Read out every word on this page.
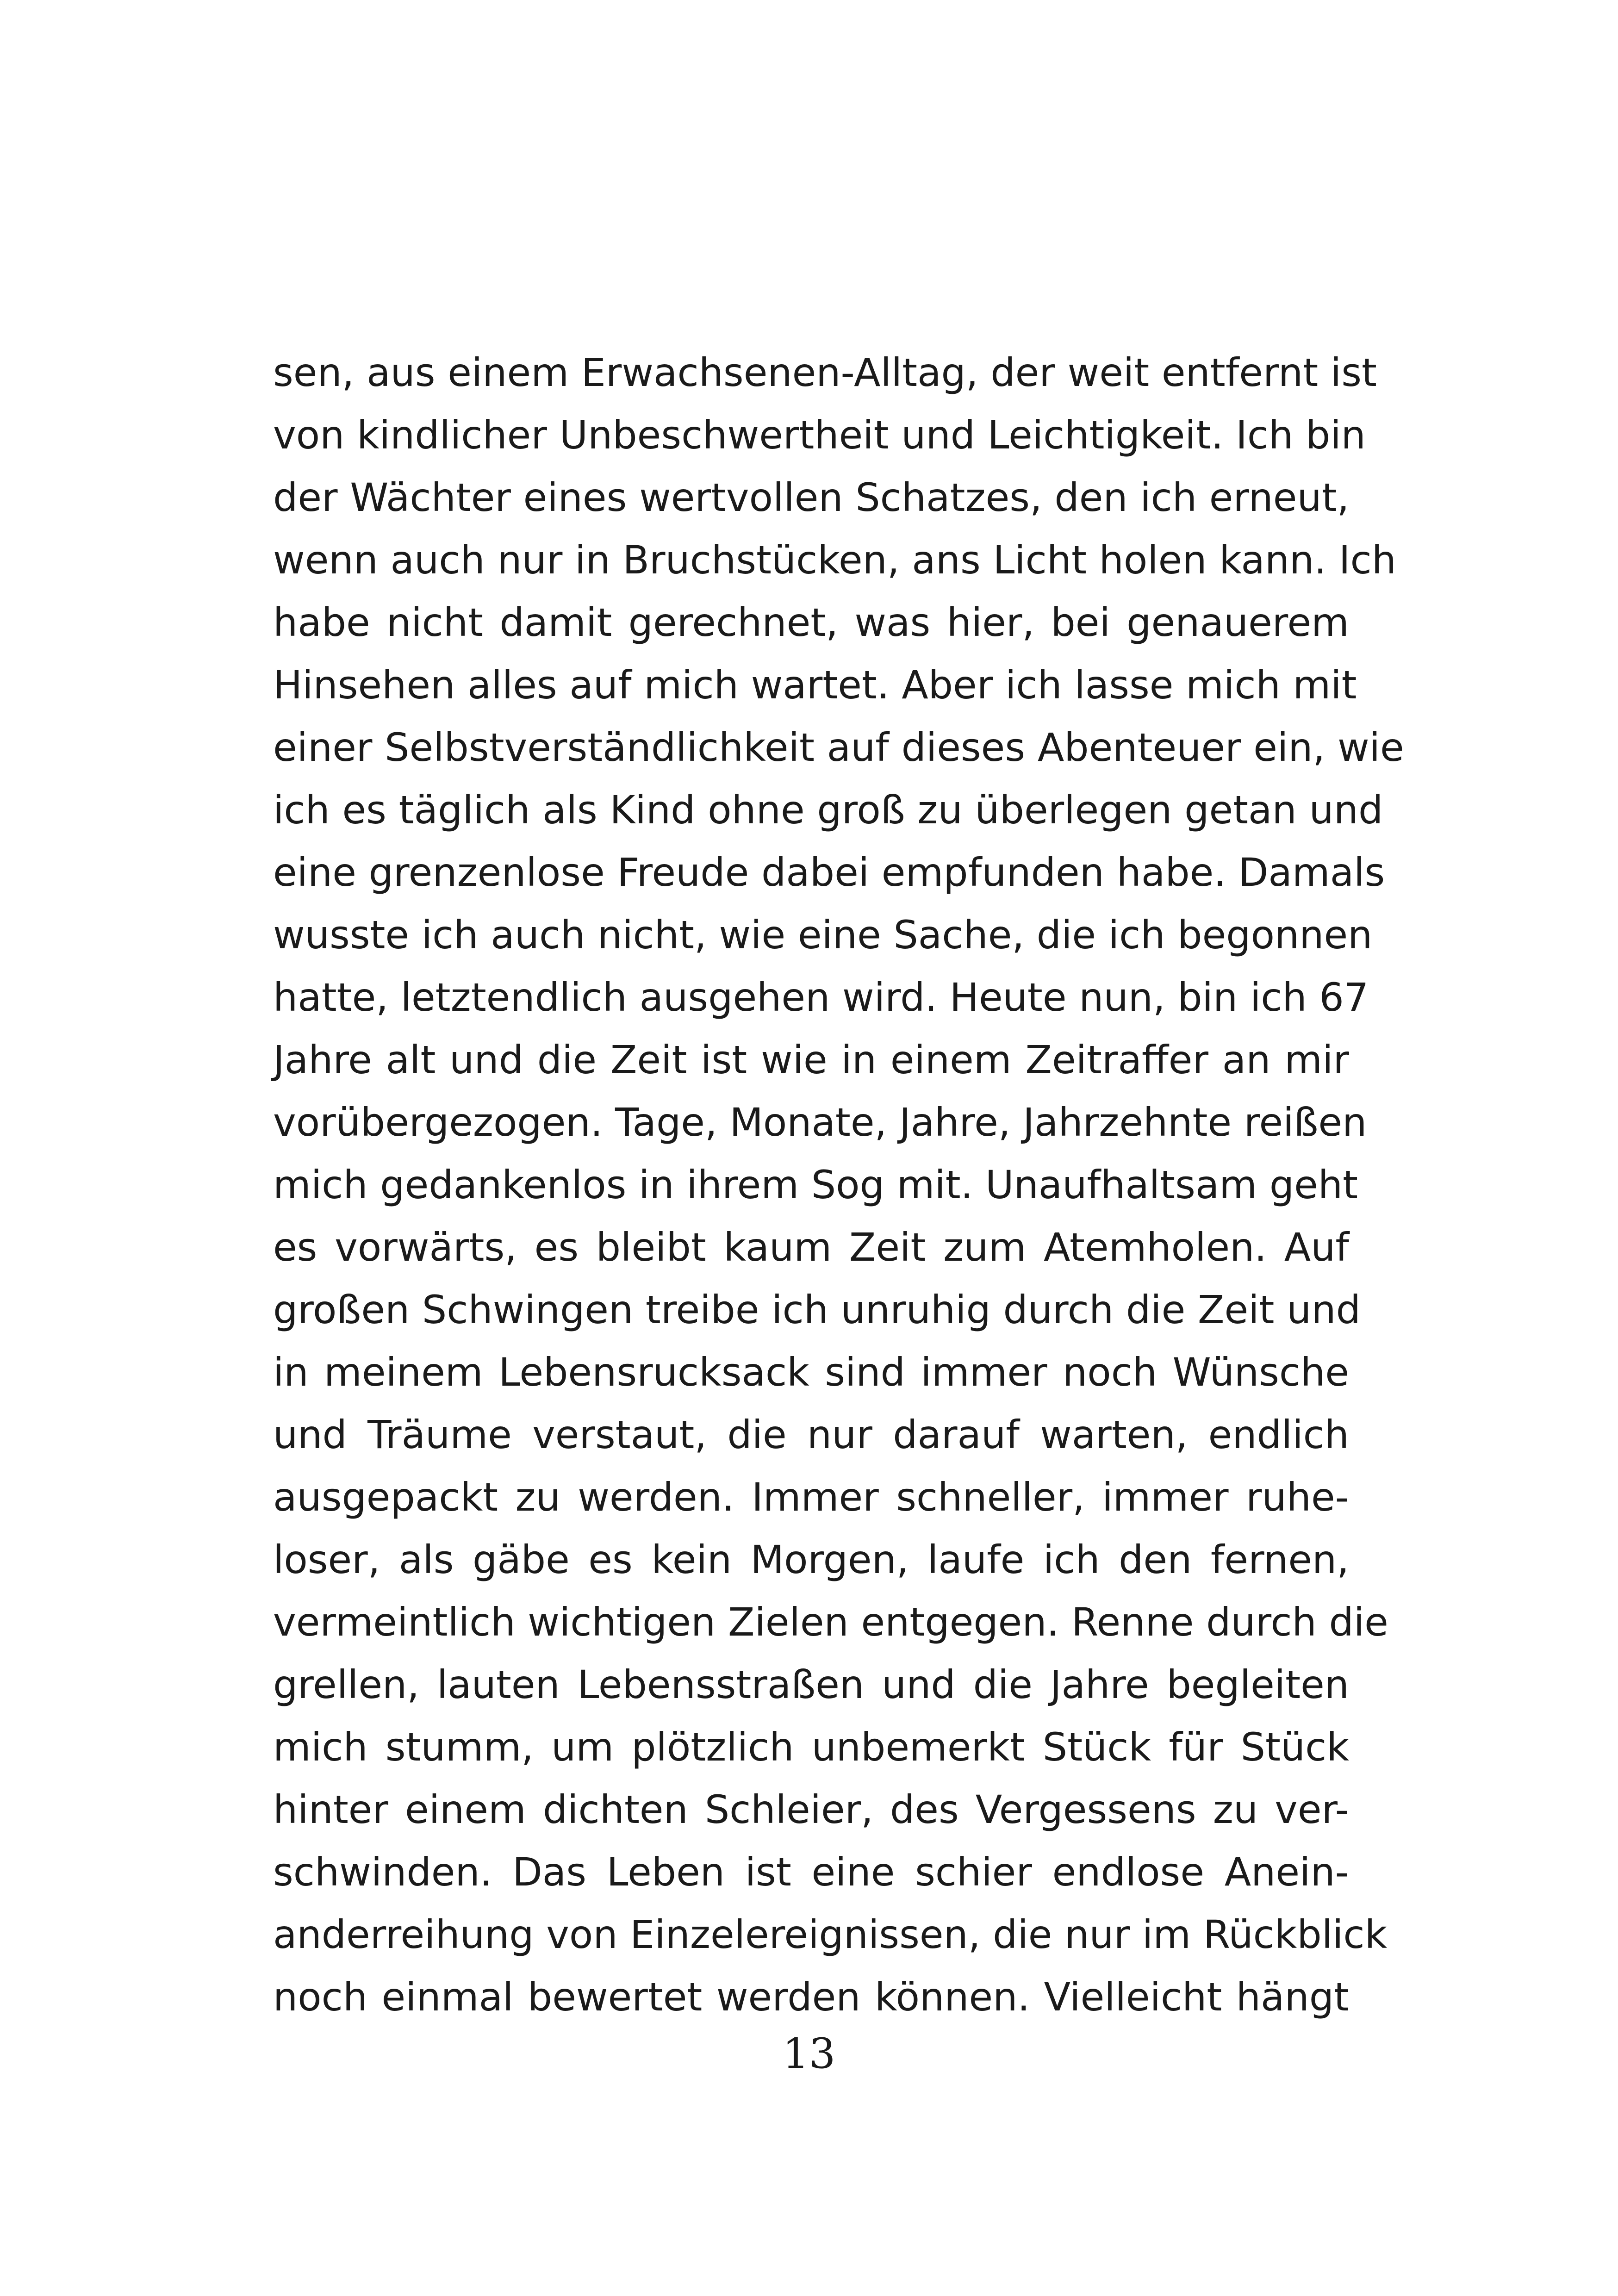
sen, aus einem Erwachsenen-Alltag, der weit entfernt ist
von kindlicher Unbeschwertheit und Leichtigkeit. Ich bin
der Wächter eines wertvollen Schatzes, den ich erneut,
wenn auch nur in Bruchstücken, ans Licht holen kann. Ich
habe nicht damit gerechnet, was hier, bei genauerem
Hinsehen alles auf mich wartet. Aber ich lasse mich mit
einer Selbstverständlichkeit auf dieses Abenteuer ein, wie
ich es täglich als Kind ohne groß zu überlegen getan und
eine grenzenlose Freude dabei empfunden habe. Damals
wusste ich auch nicht, wie eine Sache, die ich begonnen
hatte, letztendlich ausgehen wird. Heute nun, bin ich 67
Jahre alt und die Zeit ist wie in einem Zeitraffer an mir
vorübergezogen. Tage, Monate, Jahre, Jahrzehnte reißen
mich gedankenlos in ihrem Sog mit. Unaufhaltsam geht
es vorwärts, es bleibt kaum Zeit zum Atemholen. Auf
großen Schwingen treibe ich unruhig durch die Zeit und
in meinem Lebensrucksack sind immer noch Wünsche
und Träume verstaut, die nur darauf warten, endlich
ausgepackt zu werden. Immer schneller, immer ruhe-
loser, als gäbe es kein Morgen, laufe ich den fernen,
vermeintlich wichtigen Zielen entgegen. Renne durch die
grellen, lauten Lebensstraßen und die Jahre begleiten
mich stumm, um plötzlich unbemerkt Stück für Stück
hinter einem dichten Schleier, des Vergessens zu ver-
schwinden. Das Leben ist eine schier endlose Anein-
anderreihung von Einzelereignissen, die nur im Rückblick
noch einmal bewertet werden können. Vielleicht hängt
13
